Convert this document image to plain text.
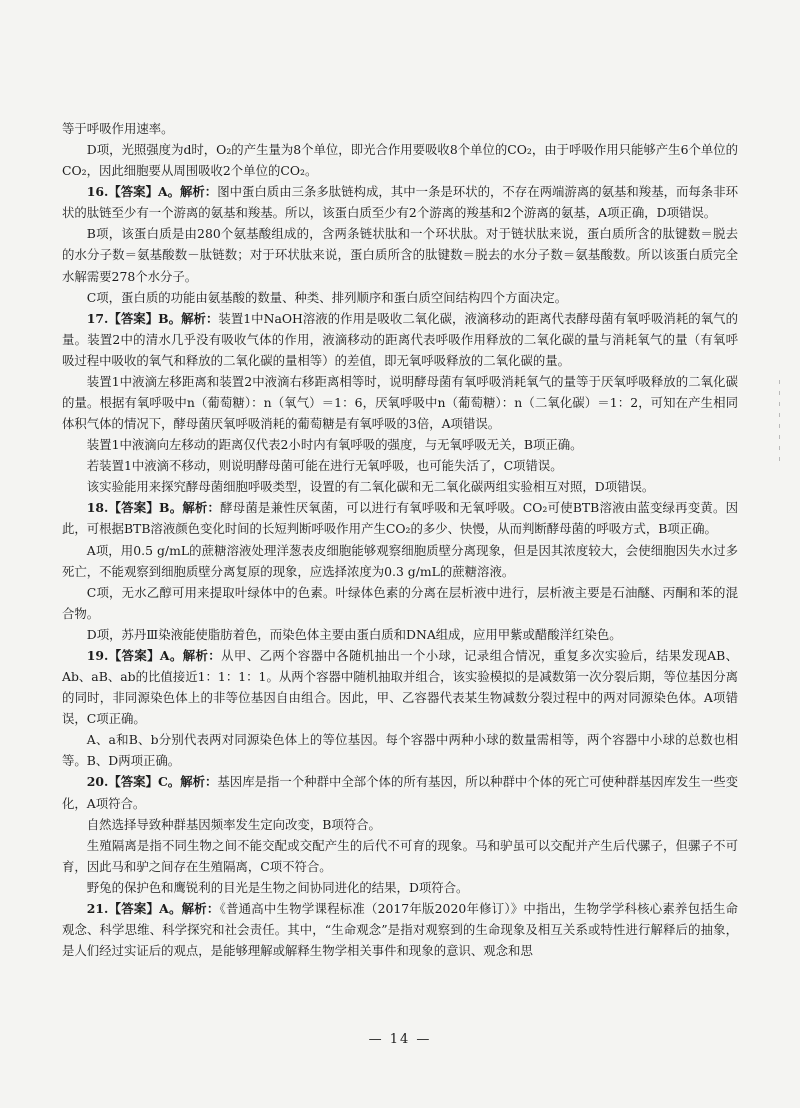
等于呼吸作用速率。

D项，光照强度为d时，O₂的产生量为8个单位，即光合作用要吸收8个单位的CO₂，由于呼吸作用只能够产生6个单位的CO₂，因此细胞要从周围吸收2个单位的CO₂。

16.【答案】A。解析：图中蛋白质由三条多肽链构成，其中一条是环状的，不存在两端游离的氨基和羧基，而每条非环状的肽链至少有一个游离的氨基和羧基。所以，该蛋白质至少有2个游离的羧基和2个游离的氨基，A项正确，D项错误。

B项，该蛋白质是由280个氨基酸组成的，含两条链状肽和一个环状肽。对于链状肽来说，蛋白质所含的肽键数＝脱去的水分子数＝氨基酸数－肽链数；对于环状肽来说，蛋白质所含的肽键数＝脱去的水分子数＝氨基酸数。所以该蛋白质完全水解需要278个水分子。

C项，蛋白质的功能由氨基酸的数量、种类、排列顺序和蛋白质空间结构四个方面决定。

17.【答案】B。解析：装置1中NaOH溶液的作用是吸收二氧化碳，液滴移动的距离代表酵母菌有氧呼吸消耗的氧气的量。装置2中的清水几乎没有吸收气体的作用，液滴移动的距离代表呼吸作用释放的二氧化碳的量与消耗氧气的量（有氧呼吸过程中吸收的氧气和释放的二氧化碳的量相等）的差值，即无氧呼吸释放的二氧化碳的量。

装置1中液滴左移距离和装置2中液滴右移距离相等时，说明酵母菌有氧呼吸消耗氧气的量等于厌氧呼吸释放的二氧化碳的量。根据有氧呼吸中n（葡萄糖）：n（氧气）＝1：6，厌氧呼吸中n（葡萄糖）：n（二氧化碳）＝1：2，可知在产生相同体积气体的情况下，酵母菌厌氧呼吸消耗的葡萄糖是有氧呼吸的3倍，A项错误。

装置1中液滴向左移动的距离仅代表2小时内有氧呼吸的强度，与无氧呼吸无关，B项正确。

若装置1中液滴不移动，则说明酵母菌可能在进行无氧呼吸，也可能失活了，C项错误。

该实验能用来探究酵母菌细胞呼吸类型，设置的有二氧化碳和无二氧化碳两组实验相互对照，D项错误。

18.【答案】B。解析：酵母菌是兼性厌氧菌，可以进行有氧呼吸和无氧呼吸。CO₂可使BTB溶液由蓝变绿再变黄。因此，可根据BTB溶液颜色变化时间的长短判断呼吸作用产生CO₂的多少、快慢，从而判断酵母菌的呼吸方式，B项正确。

A项，用0.5 g/mL的蔗糖溶液处理洋葱表皮细胞能够观察细胞质壁分离现象，但是因其浓度较大，会使细胞因失水过多死亡，不能观察到细胞质壁分离复原的现象，应选择浓度为0.3 g/mL的蔗糖溶液。

C项，无水乙醇可用来提取叶绿体中的色素。叶绿体色素的分离在层析液中进行，层析液主要是石油醚、丙酮和苯的混合物。

D项，苏丹Ⅲ染液能使脂肪着色，而染色体主要由蛋白质和DNA组成，应用甲紫或醋酸洋红染色。

19.【答案】A。解析：从甲、乙两个容器中各随机抽出一个小球，记录组合情况，重复多次实验后，结果发现AB、Ab、aB、ab的比值接近1：1：1：1。从两个容器中随机抽取并组合，该实验模拟的是减数第一次分裂后期，等位基因分离的同时，非同源染色体上的非等位基因自由组合。因此，甲、乙容器代表某生物减数分裂过程中的两对同源染色体。A项错误，C项正确。

A、a和B、b分别代表两对同源染色体上的等位基因。每个容器中两种小球的数量需相等，两个容器中小球的总数也相等。B、D两项正确。

20.【答案】C。解析：基因库是指一个种群中全部个体的所有基因，所以种群中个体的死亡可使种群基因库发生一些变化，A项符合。

自然选择导致种群基因频率发生定向改变，B项符合。

生殖隔离是指不同生物之间不能交配或交配产生的后代不可育的现象。马和驴虽可以交配并产生后代骡子，但骡子不可育，因此马和驴之间存在生殖隔离，C项不符合。

野兔的保护色和鹰锐利的目光是生物之间协同进化的结果，D项符合。

21.【答案】A。解析：《普通高中生物学课程标准（2017年版2020年修订）》中指出，生物学学科核心素养包括生命观念、科学思维、科学探究和社会责任。其中，“生命观念”是指对观察到的生命现象及相互关系或特性进行解释后的抽象，是人们经过实证后的观点，是能够理解或解释生物学相关事件和现象的意识、观念和思

— 14 —
